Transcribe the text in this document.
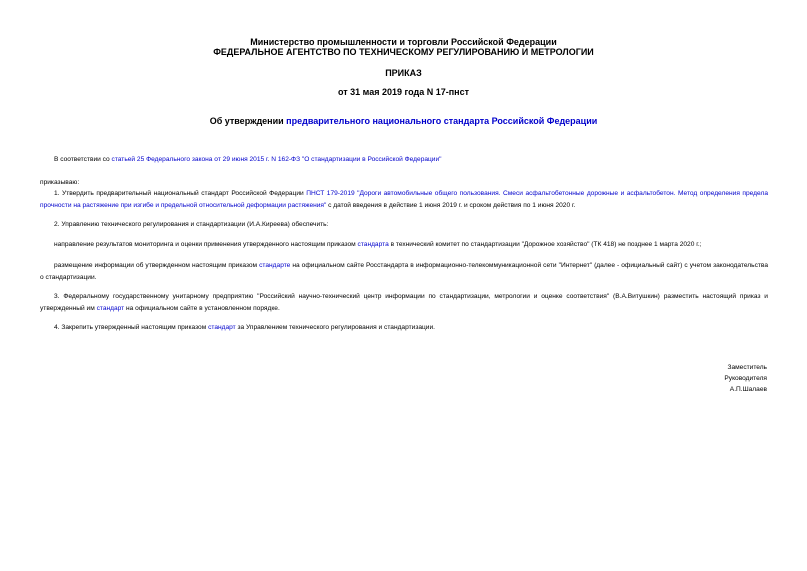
Министерство промышленности и торговли Российской Федерации
ФЕДЕРАЛЬНОЕ АГЕНТСТВО ПО ТЕХНИЧЕСКОМУ РЕГУЛИРОВАНИЮ И МЕТРОЛОГИИ
ПРИКАЗ
от 31 мая 2019 года N 17-пнст
Об утверждении предварительного национального стандарта Российской Федерации
В соответствии со статьей 25 Федерального закона от 29 июня 2015 г. N 162-ФЗ "О стандартизации в Российской Федерации"
приказываю:
1. Утвердить предварительный национальный стандарт Российской Федерации ПНСТ 179-2019 "Дороги автомобильные общего пользования. Смеси асфальтобетонные дорожные и асфальтобетон. Метод определения предела прочности на растяжение при изгибе и предельной относительной деформации растяжения" с датой введения в действие 1 июня 2019 г. и сроком действия по 1 июня 2020 г.
2. Управлению технического регулирования и стандартизации (И.А.Киреева) обеспечить:
направление результатов мониторинга и оценки применения утвержденного настоящим приказом стандарта в технический комитет по стандартизации "Дорожное хозяйство" (ТК 418) не позднее 1 марта 2020 г.;
размещение информации об утвержденном настоящим приказом стандарте на официальном сайте Росстандарта в информационно-телекоммуникационной сети "Интернет" (далее - официальный сайт) с учетом законодательства о стандартизации.
3. Федеральному государственному унитарному предприятию "Российский научно-технический центр информации по стандартизации, метрологии и оценке соответствия" (В.А.Витушкин) разместить настоящий приказ и утвержденный им стандарт на официальном сайте в установленном порядке.
4. Закрепить утвержденный настоящим приказом стандарт за Управлением технического регулирования и стандартизации.
Заместитель
Руководителя
А.П.Шалаев
